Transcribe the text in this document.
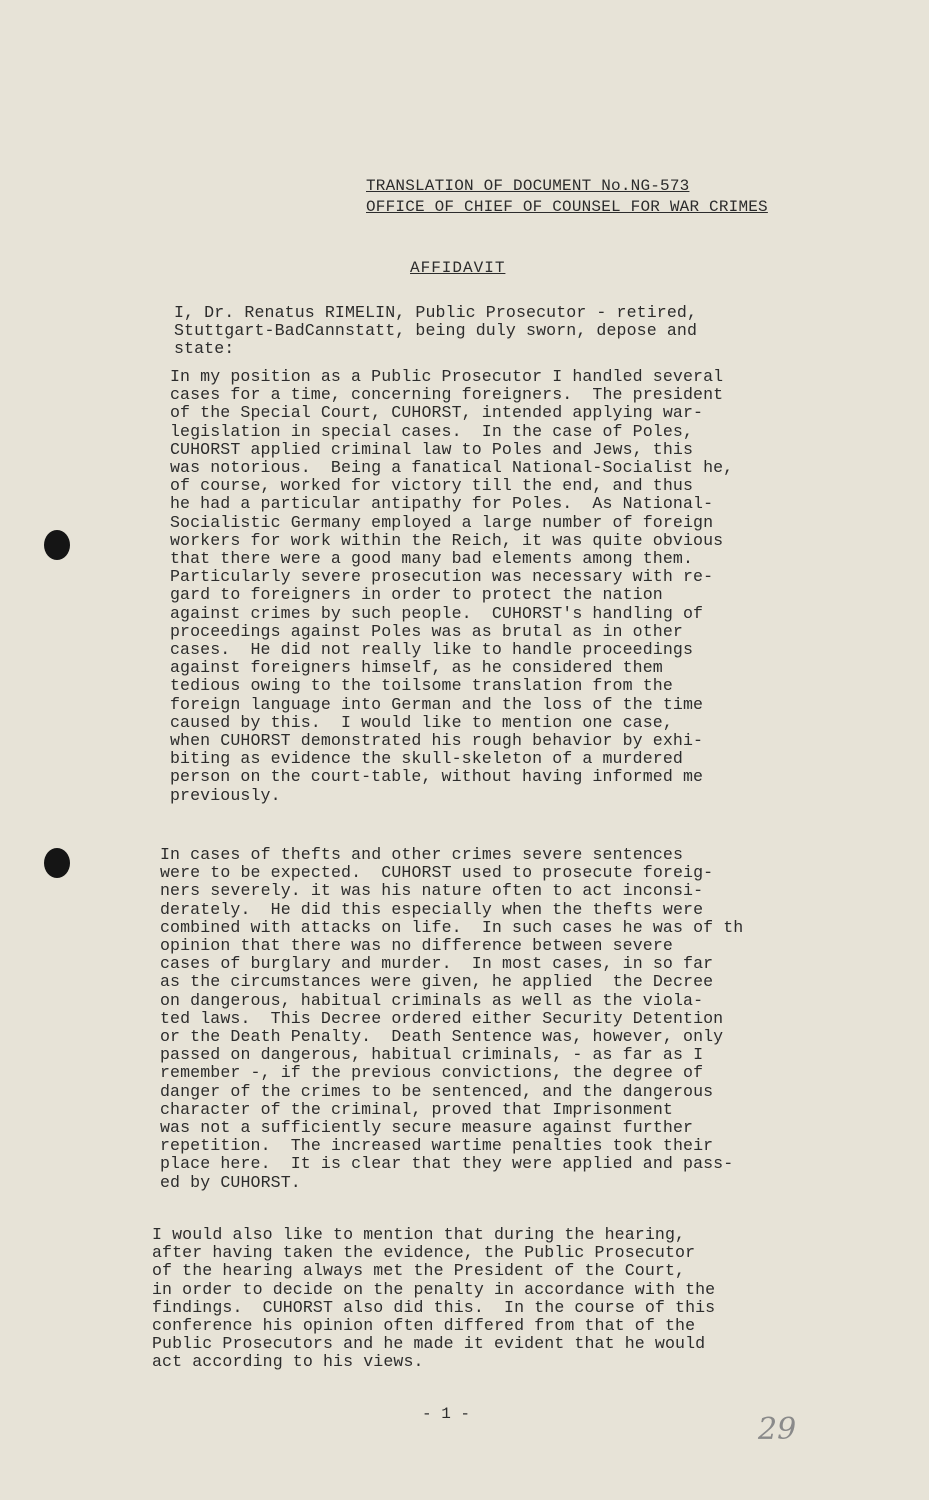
TRANSLATION OF DOCUMENT No.NG-573
OFFICE OF CHIEF OF COUNSEL FOR WAR CRIMES
AFFIDAVIT
I, Dr. Renatus RIMELIN, Public Prosecutor - retired,
Stuttgart-BadCannstatt, being duly sworn, depose and
state:
In my position as a Public Prosecutor I handled several
cases for a time, concerning foreigners.  The president
of the Special Court, CUHORST, intended applying war-
legislation in special cases.  In the case of Poles,
CUHORST applied criminal law to Poles and Jews, this
was notorious.  Being a fanatical National-Socialist he,
of course, worked for victory till the end, and thus
he had a particular antipathy for Poles.  As National-
Socialistic Germany employed a large number of foreign
workers for work within the Reich, it was quite obvious
that there were a good many bad elements among them.
Particularly severe prosecution was necessary with re-
gard to foreigners in order to protect the nation
against crimes by such people.  CUHORST's handling of
proceedings against Poles was as brutal as in other
cases.  He did not really like to handle proceedings
against foreigners himself, as he considered them
tedious owing to the toilsome translation from the
foreign language into German and the loss of the time
caused by this.  I would like to mention one case,
when CUHORST demonstrated his rough behavior by exhi-
biting as evidence the skull-skeleton of a murdered
person on the court-table, without having informed me
previously.
In cases of thefts and other crimes severe sentences
were to be expected.  CUHORST used to prosecute foreig-
ners severely. it was his nature often to act inconsi-
derately.  He did this especially when the thefts were
combined with attacks on life.  In such cases he was of th
opinion that there was no difference between severe
cases of burglary and murder.  In most cases, in so far
as the circumstances were given, he applied  the Decree
on dangerous, habitual criminals as well as the viola-
ted laws.  This Decree ordered either Security Detention
or the Death Penalty.  Death Sentence was, however, only
passed on dangerous, habitual criminals, - as far as I
remember -, if the previous convictions, the degree of
danger of the crimes to be sentenced, and the dangerous
character of the criminal, proved that Imprisonment
was not a sufficiently secure measure against further
repetition.  The increased wartime penalties took their
place here.  It is clear that they were applied and pass-
ed by CUHORST.
I would also like to mention that during the hearing,
after having taken the evidence, the Public Prosecutor
of the hearing always met the President of the Court,
in order to decide on the penalty in accordance with the
findings.  CUHORST also did this.  In the course of this
conference his opinion often differed from that of the
Public Prosecutors and he made it evident that he would
act according to his views.
- 1 -	29
